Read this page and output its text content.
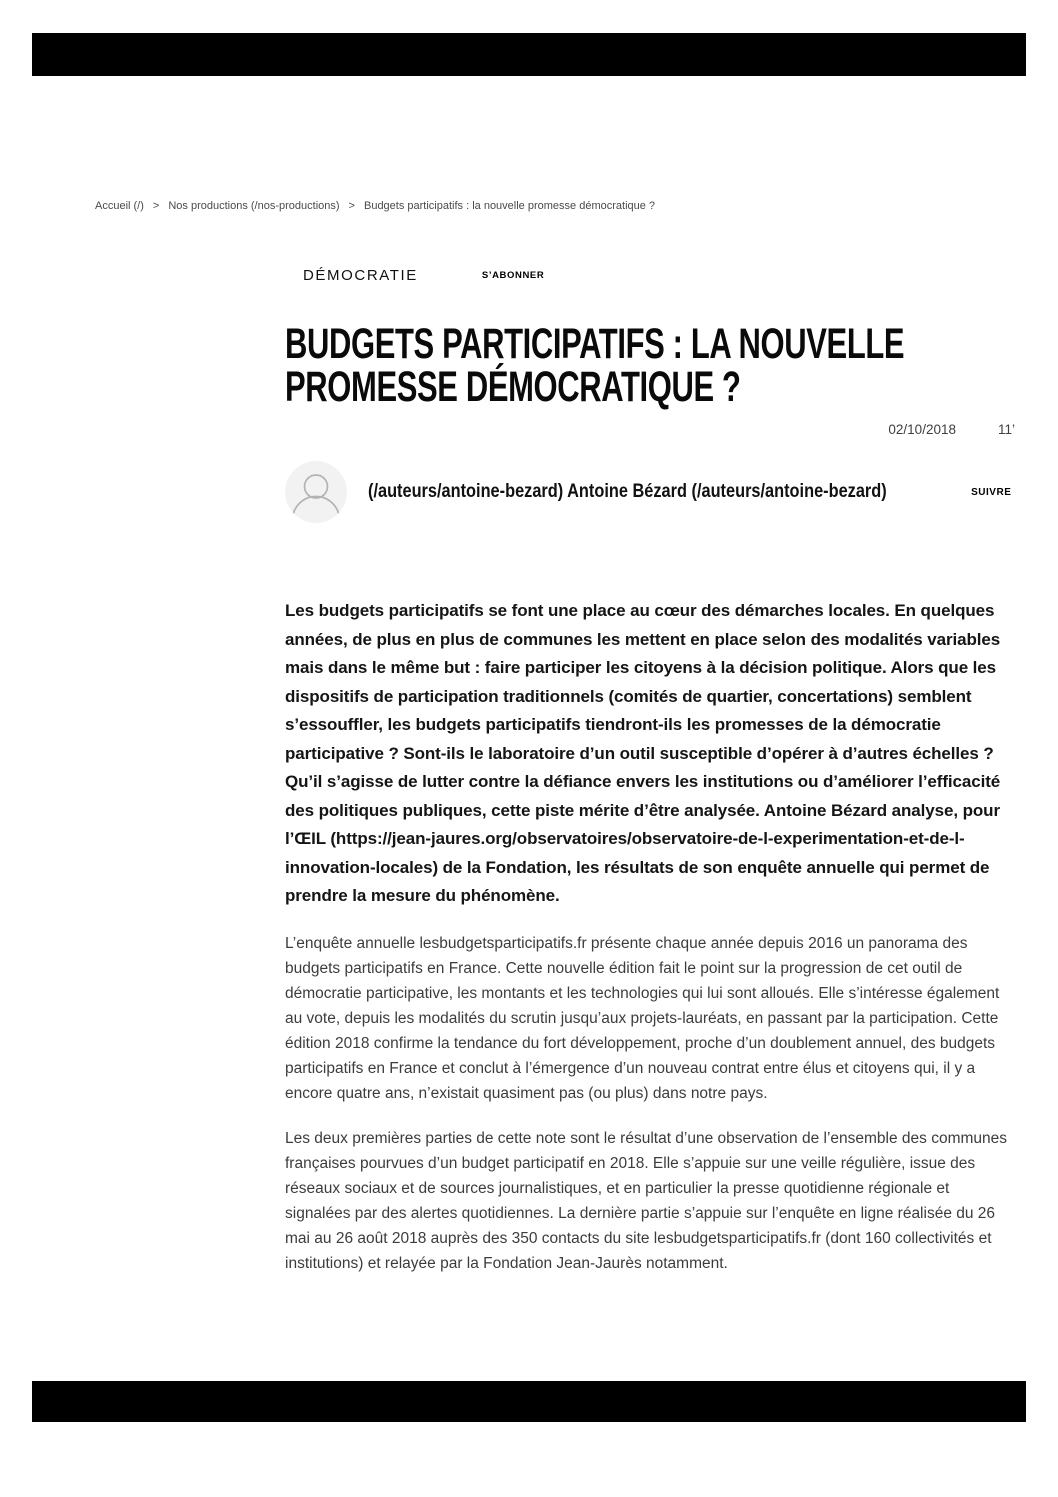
Accueil (/) > Nos productions (/nos-productions) > Budgets participatifs : la nouvelle promesse démocratique ?
DÉMOCRATIE	S’ABONNER
BUDGETS PARTICIPATIFS : LA NOUVELLE
PROMESSE DÉMOCRATIQUE ?
02/10/2018	11’
(/auteurs/antoine-bezard) Antoine Bézard (/auteurs/antoine-bezard)	SUIVRE

Les budgets participatifs se font une place au cœur des démarches locales. En quelques années, de plus en plus de communes les mettent en place selon des modalités variables mais dans le même but : faire participer les citoyens à la décision politique. Alors que les dispositifs de participation traditionnels (comités de quartier, concertations) semblent s’essouffler, les budgets participatifs tiendront-ils les promesses de la démocratie participative ? Sont-ils le laboratoire d’un outil susceptible d’opérer à d’autres échelles ? Qu’il s’agisse de lutter contre la défiance envers les institutions ou d’améliorer l’efficacité des politiques publiques, cette piste mérite d’être analysée. Antoine Bézard analyse, pour l’ŒIL (https://jean-jaures.org/observatoires/observatoire-de-l-experimentation-et-de-l-innovation-locales) de la Fondation, les résultats de son enquête annuelle qui permet de prendre la mesure du phénomène.

L’enquête annuelle lesbudgetsparticipatifs.fr présente chaque année depuis 2016 un panorama des budgets participatifs en France. Cette nouvelle édition fait le point sur la progression de cet outil de démocratie participative, les montants et les technologies qui lui sont alloués. Elle s’intéresse également au vote, depuis les modalités du scrutin jusqu’aux projets-lauréats, en passant par la participation. Cette édition 2018 confirme la tendance du fort développement, proche d’un doublement annuel, des budgets participatifs en France et conclut à l’émergence d’un nouveau contrat entre élus et citoyens qui, il y a encore quatre ans, n’existait quasiment pas (ou plus) dans notre pays.

Les deux premières parties de cette note sont le résultat d’une observation de l’ensemble des communes françaises pourvues d’un budget participatif en 2018. Elle s’appuie sur une veille régulière, issue des réseaux sociaux et de sources journalistiques, et en particulier la presse quotidienne régionale et signalées par des alertes quotidiennes. La dernière partie s’appuie sur l’enquête en ligne réalisée du 26 mai au 26 août 2018 auprès des 350 contacts du site lesbudgetsparticipatifs.fr (dont 160 collectivités et institutions) et relayée par la Fondation Jean-Jaurès notamment.
